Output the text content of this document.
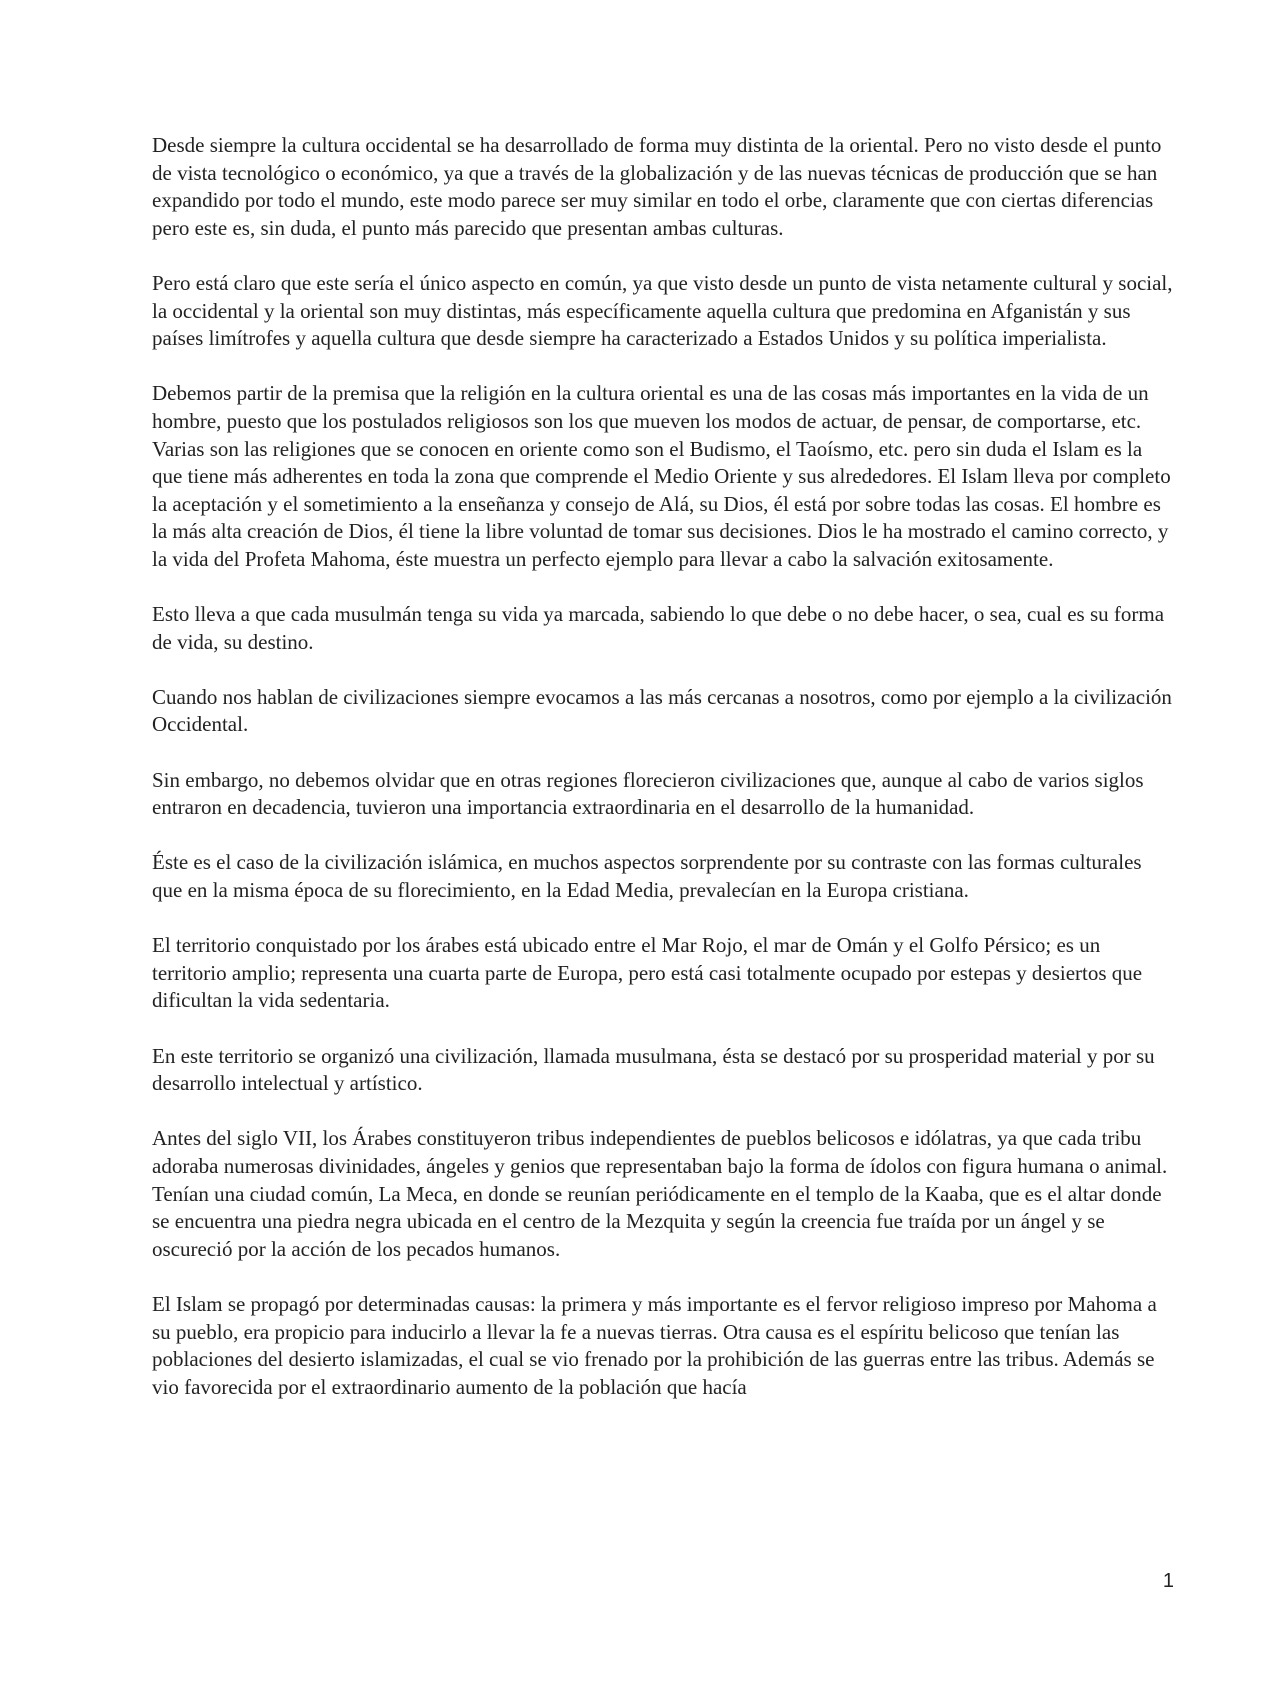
Desde siempre la cultura occidental se ha desarrollado de forma muy distinta de la oriental. Pero no visto desde el punto de vista tecnológico o económico, ya que a través de la globalización y de las nuevas técnicas de producción que se han expandido por todo el mundo, este modo parece ser muy similar en todo el orbe, claramente que con ciertas diferencias pero este es, sin duda, el punto más parecido que presentan ambas culturas.

Pero está claro que este sería el único aspecto en común, ya que visto desde un punto de vista netamente cultural y social, la occidental y la oriental son muy distintas, más específicamente aquella cultura que predomina en Afganistán y sus países limítrofes y aquella cultura que desde siempre ha caracterizado a Estados Unidos y su política imperialista.

Debemos partir de la premisa que la religión en la cultura oriental es una de las cosas más importantes en la vida de un hombre, puesto que los postulados religiosos son los que mueven los modos de actuar, de pensar, de comportarse, etc. Varias son las religiones que se conocen en oriente como son el Budismo, el Taoísmo, etc. pero sin duda el Islam es la que tiene más adherentes en toda la zona que comprende el Medio Oriente y sus alrededores. El Islam lleva por completo la aceptación y el sometimiento a la enseñanza y consejo de Alá, su Dios, él está por sobre todas las cosas. El hombre es la más alta creación de Dios, él tiene la libre voluntad de tomar sus decisiones. Dios le ha mostrado el camino correcto, y la vida del Profeta Mahoma, éste muestra un perfecto ejemplo para llevar a cabo la salvación exitosamente.

Esto lleva a que cada musulmán tenga su vida ya marcada, sabiendo lo que debe o no debe hacer, o sea, cual es su forma de vida, su destino.

Cuando nos hablan de civilizaciones siempre evocamos a las más cercanas a nosotros, como por ejemplo a la civilización Occidental.

Sin embargo, no debemos olvidar que en otras regiones florecieron civilizaciones que, aunque al cabo de varios siglos entraron en decadencia, tuvieron una importancia extraordinaria en el desarrollo de la humanidad.

Éste es el caso de la civilización islámica, en muchos aspectos sorprendente por su contraste con las formas culturales que en la misma época de su florecimiento, en la Edad Media, prevalecían en la Europa cristiana.

El territorio conquistado por los árabes está ubicado entre el Mar Rojo, el mar de Omán y el Golfo Pérsico; es un territorio amplio; representa una cuarta parte de Europa, pero está casi totalmente ocupado por estepas y desiertos que dificultan la vida sedentaria.

En este territorio se organizó una civilización, llamada musulmana, ésta se destacó por su prosperidad material y por su desarrollo intelectual y artístico.

Antes del siglo VII, los Árabes constituyeron tribus independientes de pueblos belicosos e idólatras, ya que cada tribu adoraba numerosas divinidades, ángeles y genios que representaban bajo la forma de ídolos con figura humana o animal. Tenían una ciudad común, La Meca, en donde se reunían periódicamente en el templo de la Kaaba, que es el altar donde se encuentra una piedra negra ubicada en el centro de la Mezquita y según la creencia fue traída por un ángel y se oscureció por la acción de los pecados humanos.

El Islam se propagó por determinadas causas: la primera y más importante es el fervor religioso impreso por Mahoma a su pueblo, era propicio para inducirlo a llevar la fe a nuevas tierras. Otra causa es el espíritu belicoso que tenían las poblaciones del desierto islamizadas, el cual se vio frenado por la prohibición de las guerras entre las tribus. Además se vio favorecida por el extraordinario aumento de la población que hacía

1
